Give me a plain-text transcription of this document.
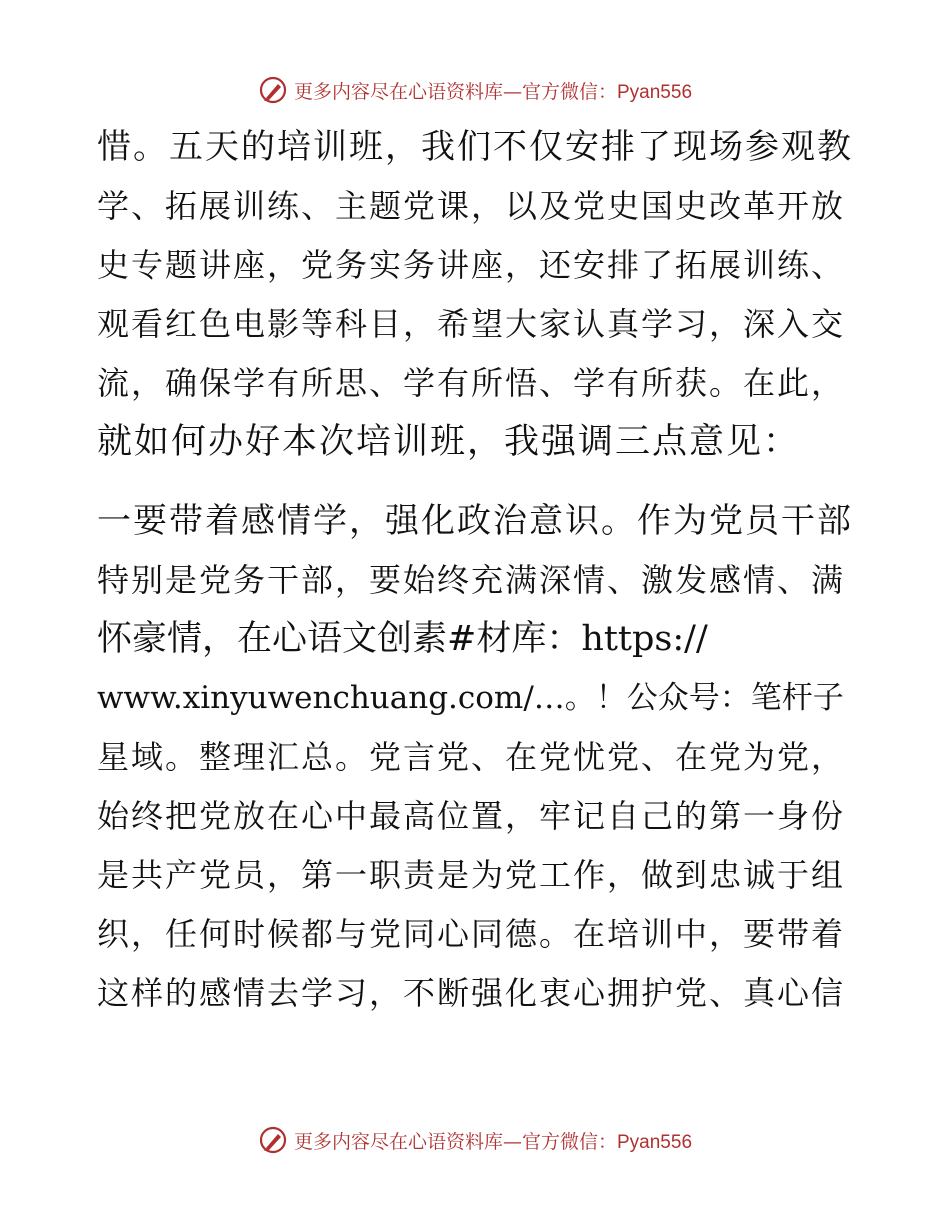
更多内容尽在心语资料库—官方微信：Pyan556
惜。五天的培训班，我们不仅安排了现场参观教
学、拓展训练、主题党课，以及党史国史改革开放
史专题讲座，党务实务讲座，还安排了拓展训练、
观看红色电影等科目，希望大家认真学习，深入交
流，确保学有所思、学有所悟、学有所获。在此，
就如何办好本次培训班，我强调三点意见：
一要带着感情学，强化政治意识。作为党员干部
特别是党务干部，要始终充满深情、激发感情、满
怀豪情，在心语文创素#材库：https://
www.xinyuwenchuang.com/…。！公众号：笔杆子
星域。整理汇总。党言党、在党忧党、在党为党，
始终把党放在心中最高位置，牢记自己的第一身份
是共产党员，第一职责是为党工作，做到忠诚于组
织，任何时候都与党同心同德。在培训中，要带着
这样的感情去学习，不断强化衷心拥护党、真心信
更多内容尽在心语资料库—官方微信：Pyan556
